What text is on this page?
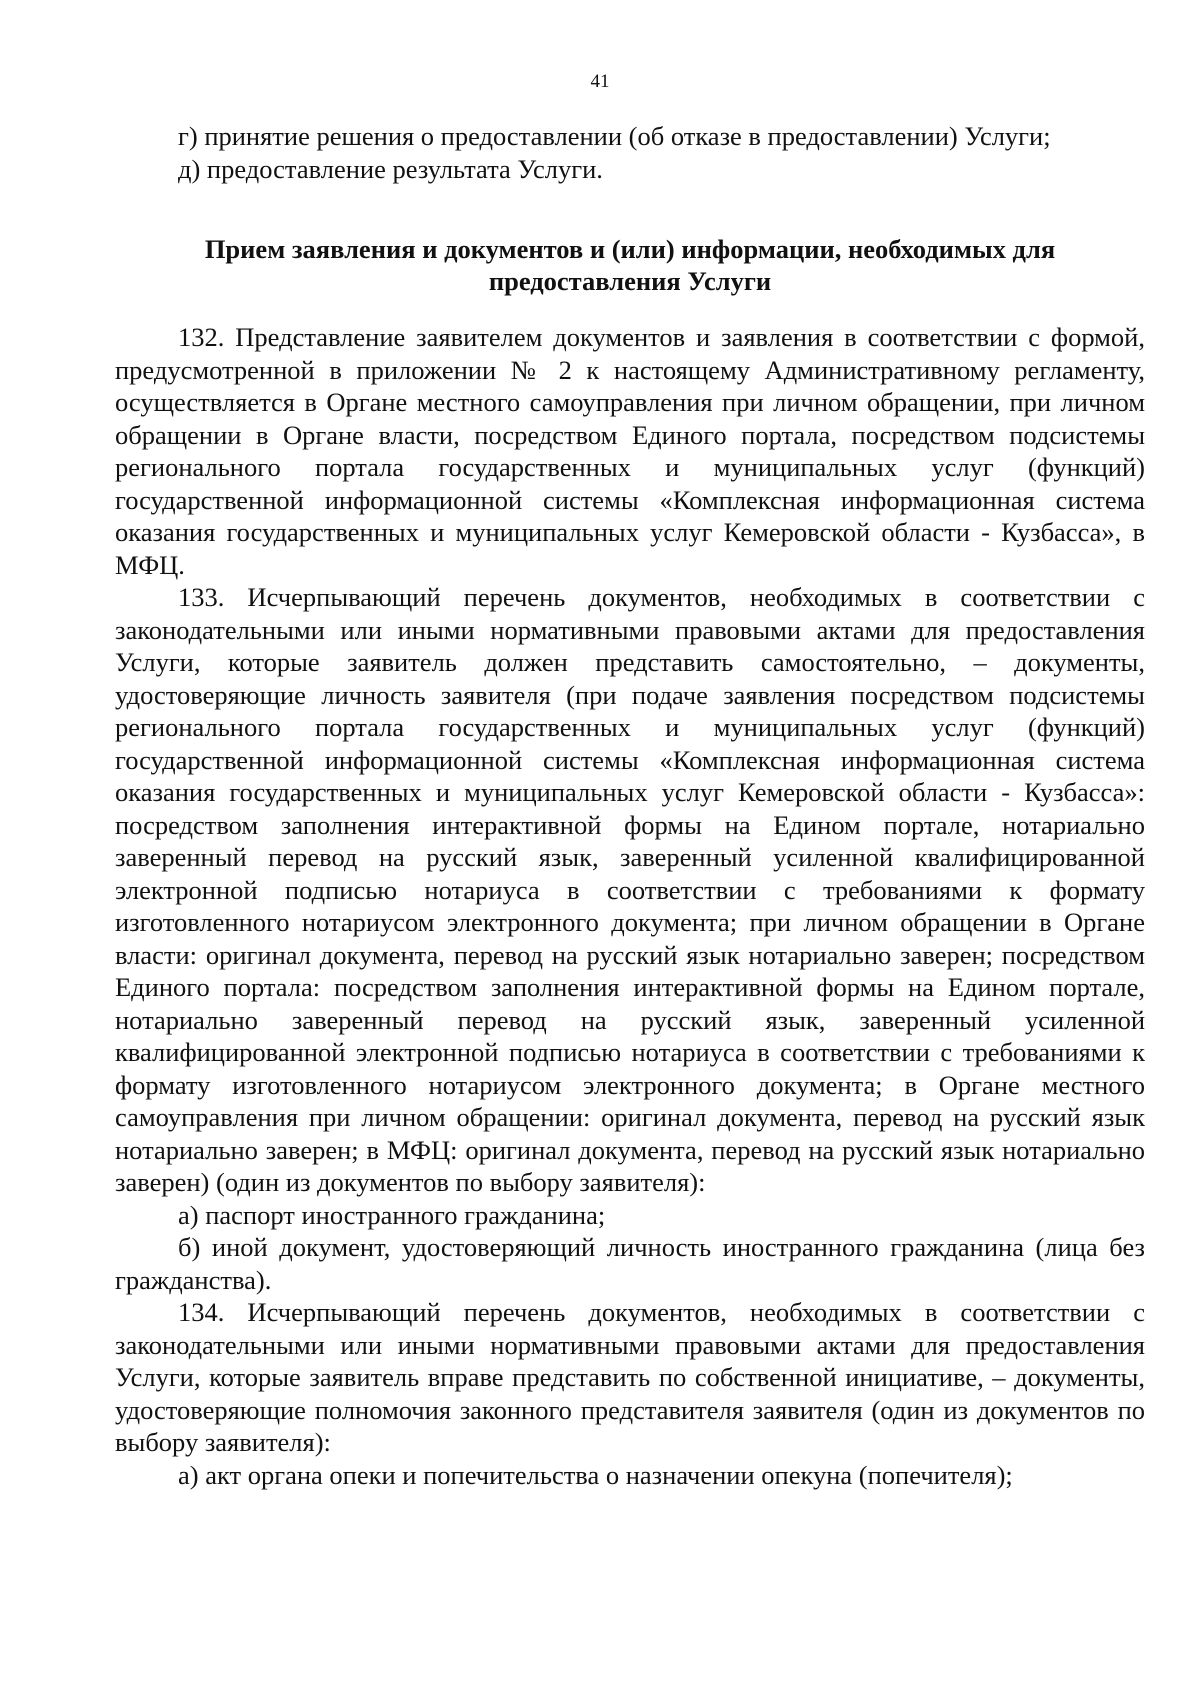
41

г) принятие решения о предоставлении (об отказе в предоставлении) Услуги;

д) предоставление результата Услуги.

Прием заявления и документов и (или) информации, необходимых для
предоставления Услуги

132. Представление заявителем документов и заявления в соответствии с формой, предусмотренной в приложении № 2 к настоящему Административному регламенту, осуществляется в Органе местного самоуправления при личном обращении, при личном обращении в Органе власти, посредством Единого портала, посредством подсистемы регионального портала государственных и муниципальных услуг (функций) государственной информационной системы «Комплексная информационная система оказания государственных и муниципальных услуг Кемеровской области - Кузбасса», в МФЦ.

133. Исчерпывающий перечень документов, необходимых в соответствии с законодательными или иными нормативными правовыми актами для предоставления Услуги, которые заявитель должен представить самостоятельно, – документы, удостоверяющие личность заявителя (при подаче заявления посредством подсистемы регионального портала государственных и муниципальных услуг (функций) государственной информационной системы «Комплексная информационная система оказания государственных и муниципальных услуг Кемеровской области - Кузбасса»: посредством заполнения интерактивной формы на Едином портале, нотариально заверенный перевод на русский язык, заверенный усиленной квалифицированной электронной подписью нотариуса в соответствии с требованиями к формату изготовленного нотариусом электронного документа; при личном обращении в Органе власти: оригинал документа, перевод на русский язык нотариально заверен; посредством Единого портала: посредством заполнения интерактивной формы на Едином портале, нотариально заверенный перевод на русский язык, заверенный усиленной квалифицированной электронной подписью нотариуса в соответствии с требованиями к формату изготовленного нотариусом электронного документа; в Органе местного самоуправления при личном обращении: оригинал документа, перевод на русский язык нотариально заверен; в МФЦ: оригинал документа, перевод на русский язык нотариально заверен) (один из документов по выбору заявителя):

а) паспорт иностранного гражданина;

б) иной документ, удостоверяющий личность иностранного гражданина (лица без гражданства).

134. Исчерпывающий перечень документов, необходимых в соответствии с законодательными или иными нормативными правовыми актами для предоставления Услуги, которые заявитель вправе представить по собственной инициативе, – документы, удостоверяющие полномочия законного представителя заявителя (один из документов по выбору заявителя):

а) акт органа опеки и попечительства о назначении опекуна (попечителя);
